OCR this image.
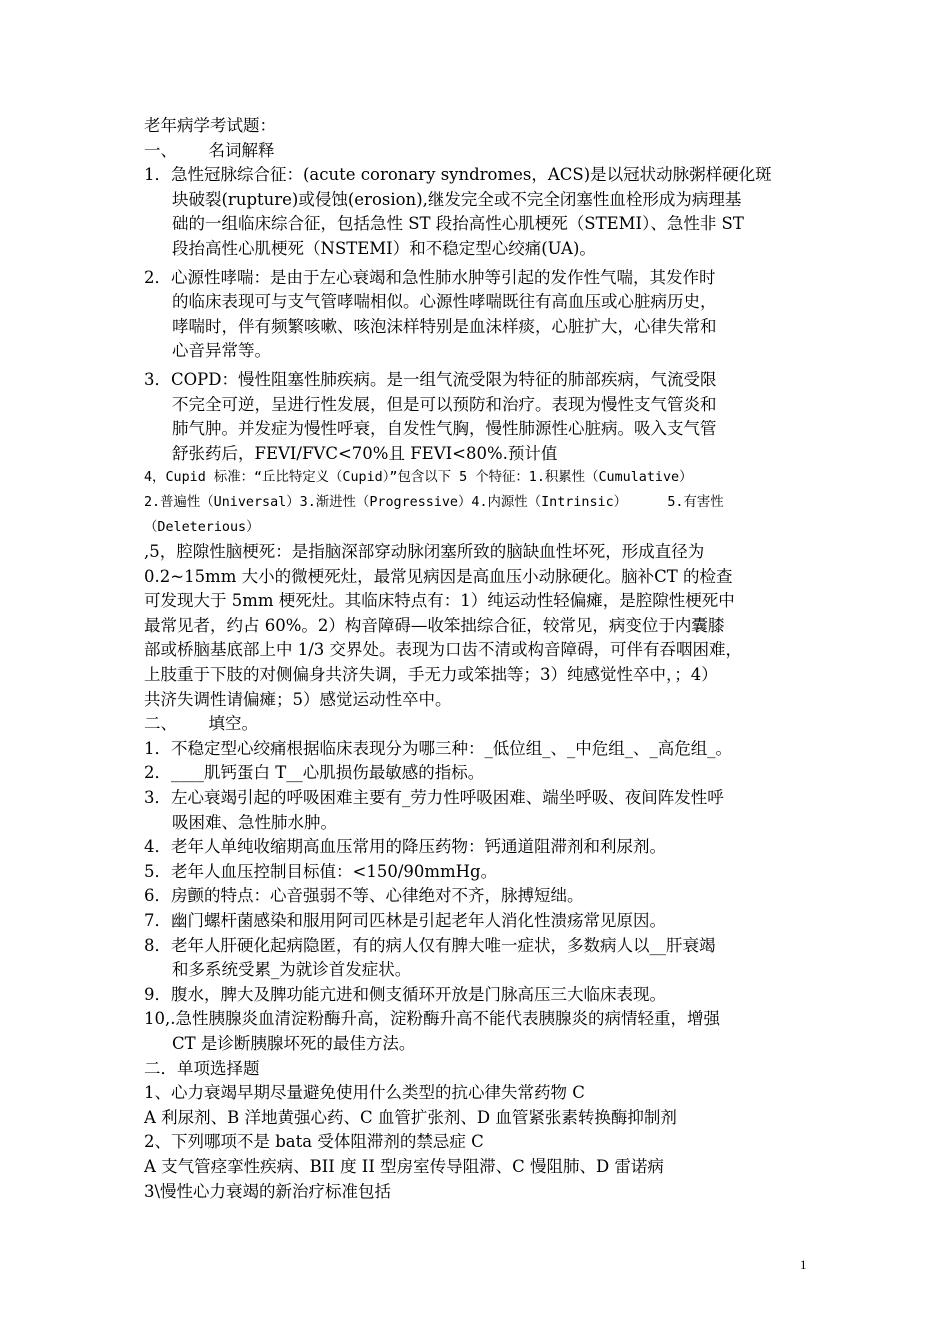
老年病学考试题：
一、      名词解释
1．急性冠脉综合征：(acute coronary syndromes，ACS)是以冠状动脉粥样硬化斑
块破裂(rupture)或侵蚀(erosion),继发完全或不完全闭塞性血栓形成为病理基
础的一组临床综合征，包括急性 ST 段抬高性心肌梗死（STEMI）、急性非 ST
段抬高性心肌梗死（NSTEMI）和不稳定型心绞痛(UA)。
2．心源性哮喘：是由于左心衰竭和急性肺水肿等引起的发作性气喘，其发作时
的临床表现可与支气管哮喘相似。心源性哮喘既往有高血压或心脏病历史，
哮喘时，伴有频繁咳嗽、咳泡沫样特别是血沫样痰，心脏扩大，心律失常和
心音异常等。
3．COPD：慢性阻塞性肺疾病。是一组气流受限为特征的肺部疾病，气流受限
不完全可逆，呈进行性发展，但是可以预防和治疗。表现为慢性支气管炎和
肺气肿。并发症为慢性呼衰，自发性气胸，慢性肺源性心脏病。吸入支气管
舒张药后，FEVI/FVC<70%且 FEVI<80%.预计值
4，Cupid 标准：“丘比特定义（Cupid）”包含以下 5 个特征：1.积累性（Cumulative）
2.普遍性（Universal）3.渐进性（Progressive）4.内源性（Intrinsic）     5.有害性
（Deleterious）
,5，腔隙性脑梗死：是指脑深部穿动脉闭塞所致的脑缺血性坏死，形成直径为
0.2~15mm 大小的微梗死灶，最常见病因是高血压小动脉硬化。脑补CT 的检查
可发现大于 5mm 梗死灶。其临床特点有：1）纯运动性轻偏瘫，是腔隙性梗死中
最常见者，约占 60%。2）构音障碍—收笨拙综合征，较常见，病变位于内囊膝
部或桥脑基底部上中 1/3 交界处。表现为口齿不清或构音障碍，可伴有吞咽困难，
上肢重于下肢的对侧偏身共济失调，手无力或笨拙等；3）纯感觉性卒中，；4）
共济失调性请偏瘫；5）感觉运动性卒中。
二、      填空。
1．不稳定型心绞痛根据临床表现分为哪三种：_低位组_、_中危组_、_高危组_。
2．____肌钙蛋白 T__心肌损伤最敏感的指标。
3．左心衰竭引起的呼吸困难主要有_劳力性呼吸困难、端坐呼吸、夜间阵发性呼
吸困难、急性肺水肿。
4．老年人单纯收缩期高血压常用的降压药物：钙通道阻滞剂和利尿剂。
5．老年人血压控制目标值：<150/90mmHg。
6．房颤的特点：心音强弱不等、心律绝对不齐，脉搏短绌。
7．幽门螺杆菌感染和服用阿司匹林是引起老年人消化性溃疡常见原因。
8．老年人肝硬化起病隐匿，有的病人仅有脾大唯一症状，多数病人以__肝衰竭
和多系统受累_为就诊首发症状。
9．腹水，脾大及脾功能亢进和侧支循环开放是门脉高压三大临床表现。
10,.急性胰腺炎血清淀粉酶升高，淀粉酶升高不能代表胰腺炎的病情轻重，增强
CT 是诊断胰腺坏死的最佳方法。
二．单项选择题
1、心力衰竭早期尽量避免使用什么类型的抗心律失常药物 C
A 利尿剂、B 洋地黄强心药、C 血管扩张剂、D 血管紧张素转换酶抑制剂
2、下列哪项不是 bata 受体阻滞剂的禁忌症 C
A 支气管痉挛性疾病、BII 度 II 型房室传导阻滞、C 慢阻肺、D 雷诺病
3\慢性心力衰竭的新治疗标准包括
1
